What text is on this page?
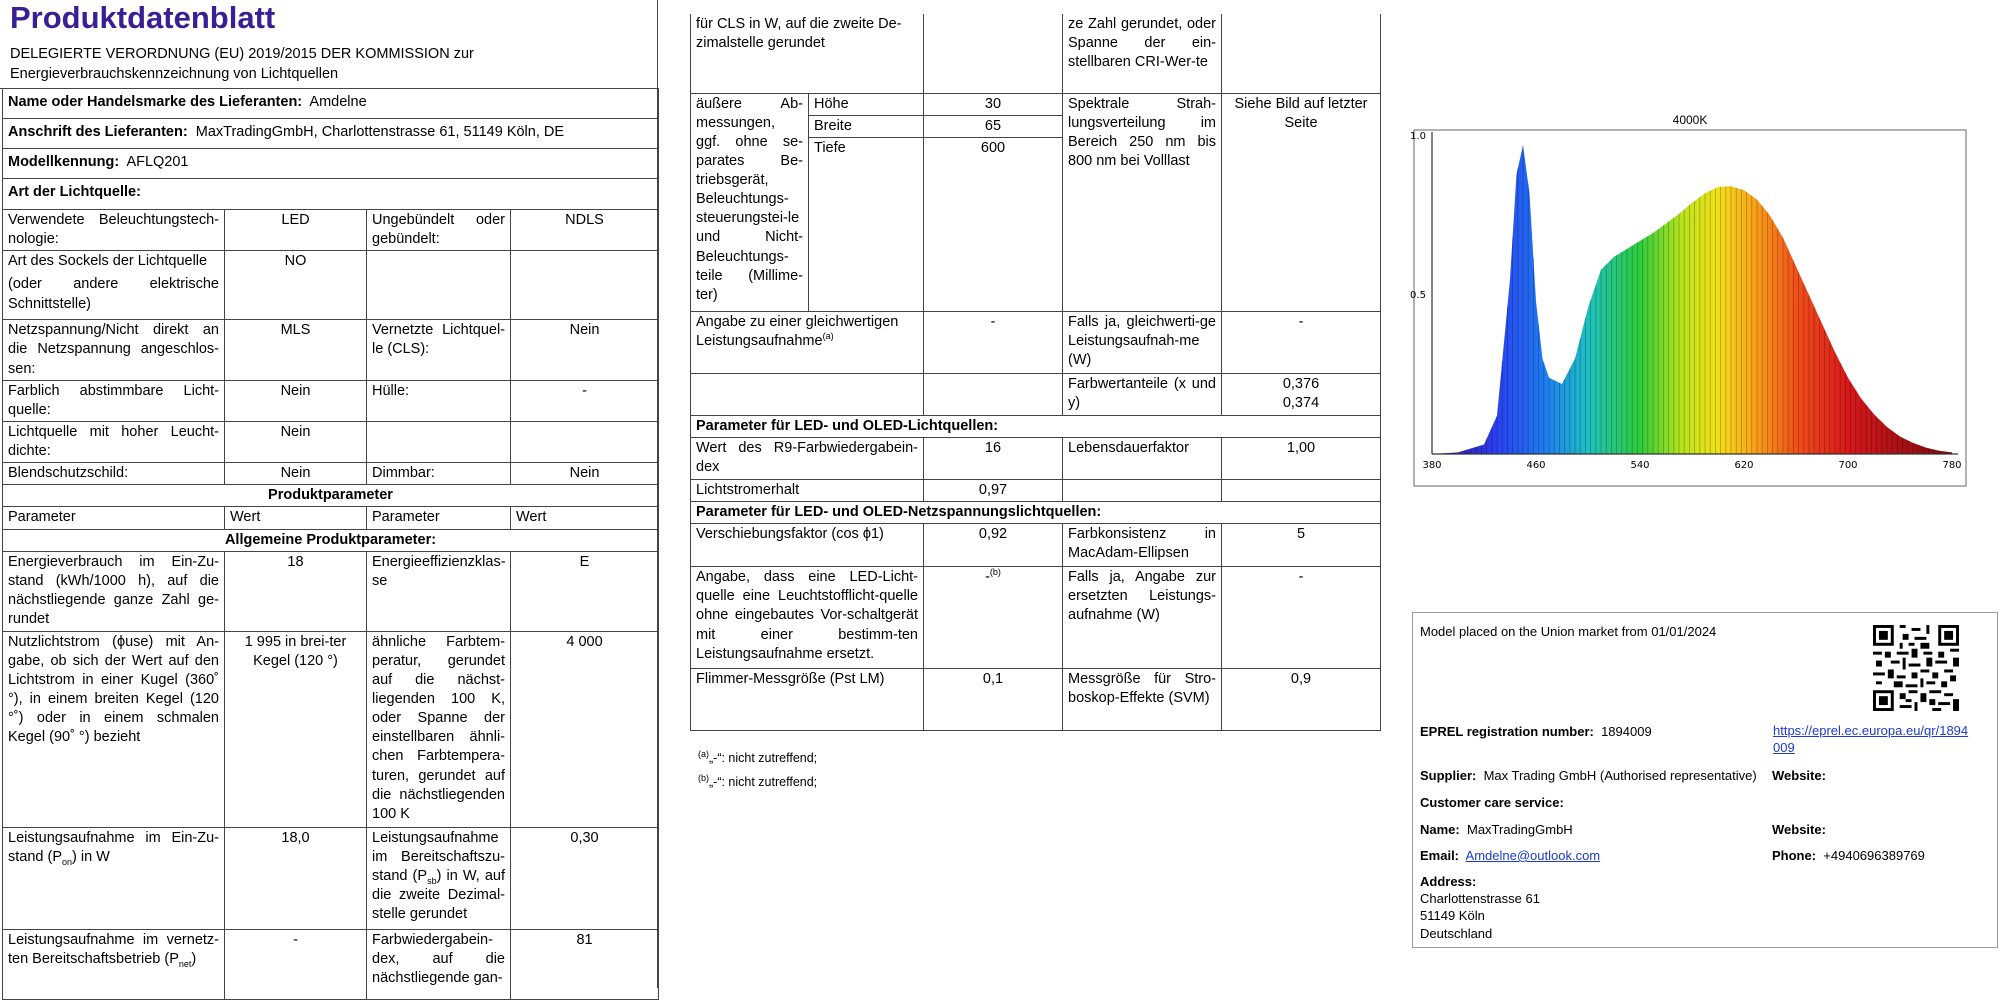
Produktdatenblatt
DELEGIERTE VERORDNUNG (EU) 2019/2015 DER KOMMISSION zur Energieverbrauchskennzeichnung von Lichtquellen
Name oder Handelsmarke des Lieferanten: Amdelne			
Anschrift des Lieferanten: MaxTradingGmbH, Charlottenstrasse 61, 51149 Köln, DE			
Modellkennung: AFLQ201			
Art der Lichtquelle:			
Verwendete Beleuchtungstech-nologie:	LED	Ungebündelt oder gebündelt:	NDLS

Art des Sockels der Lichtquelle
(oder andere elektrische Schnittstelle)	NO		
Netzspannung/Nicht direkt an die Netzspannung angeschlos-sen:	MLS	Vernetzte Lichtquel-le (CLS):	Nein
Farblich abstimmbare Licht-quelle:	Nein	Hülle:	-
Lichtquelle mit hoher Leucht-dichte:	Nein		
Blendschutzschild:	Nein	Dimmbar:	Nein
Produktparameter			
Parameter	Wert	Parameter	Wert
Allgemeine Produktparameter:			
Energieverbrauch im Ein-Zu-stand (kWh/1000 h), auf die nächstliegende ganze Zahl ge-rundet	18	Energieeffizienzklas-se	E
Nutzlichtstrom (ϕuse) mit An-gabe, ob sich der Wert auf den Lichtstrom in einer Kugel (360˚ °), in einem breiten Kegel (120 °˚) oder in einem schmalen Kegel (90˚ °) bezieht	1 995 in brei-ter Kegel (120 °)	ähnliche Farbtem-peratur, gerundet auf die nächst-liegenden 100 K, oder Spanne der einstellbaren ähnli-chen Farbtempera-turen, gerundet auf die nächstliegenden 100 K	4 000
Leistungsaufnahme im Ein-Zu-stand $(P_{on})$ in W	18,0	Leistungsaufnahme im Bereitschaftszu-stand $(P_{sb})$ in W, auf die zweite Dezimal-stelle gerundet	0,30
Leistungsaufnahme im vernetz-ten Bereitschaftsbetrieb $(P_{net})$	-	Farbwiedergabein-dex, auf die nächstliegende gan-	81
für CLS in W, auf die zweite De-zimalstelle gerundet			ze Zahl gerundet, oder Spanne der ein-stellbaren CRI-Wer-te	
äußere Ab-messungen, ggf. ohne se-parates Be-triebsgerät, Beleuchtungs-steuerungstei-le und Nicht-Beleuchtungs-teile (Millime-ter)	Höhe	30	Spektrale Strah-lungsverteilung im Bereich 250 nm bis 800 nm bei Volllast	Siehe Bild auf letzter Seite
	Breite	65		
	Tiefe	600		

Angabe zu einer gleichwertigen Leistungsaufnahme$^{(a)}$		-	Falls ja, gleichwerti-ge Leistungsaufnah-me (W)	-
			Farbwertanteile (x und y)	0,376
0,374

Parameter für LED- und OLED-Lichtquellen:				
Wert des R9-Farbwiedergabein-dex		16	Lebensdauerfaktor	1,00
Lichtstromerhalt		0,97		
Parameter für LED- und OLED-Netzspannungslichtquellen:				
Verschiebungsfaktor (cos ϕ1)		0,92	Farbkonsistenz in MacAdam-Ellipsen	5
Angabe, dass eine LED-Licht-quelle eine Leuchtstofflicht-quelle ohne eingebautes Vor-schaltgerät mit einer bestimm-ten Leistungsaufnahme ersetzt.		-$^{(b)}$	Falls ja, Angabe zur ersetzten Leistungs-aufnahme (W)	-
Flimmer-Messgröße (Pst LM)		0,1	Messgröße für Stro-boskop-Effekte (SVM)	0,9
$^{(a)}$„-“: nicht zutreffend;
$^{(b)}$„-“: nicht zutreffend;
4000K
380	460	540	620	700	780
0.5
1.0
Model placed on the Union market from 01/01/2024
EPREL registration number: 1894009	https://eprel.ec.europa.eu/qr/1894009
Supplier: Max Trading GmbH (Authorised representative) Website:
Customer care service:
Name: MaxTradingGmbH	Website:
Email: Amdelne@outlook.com	Phone: +4940696389769
Address:
Charlottenstrasse 61
51149 Köln
Deutschland
